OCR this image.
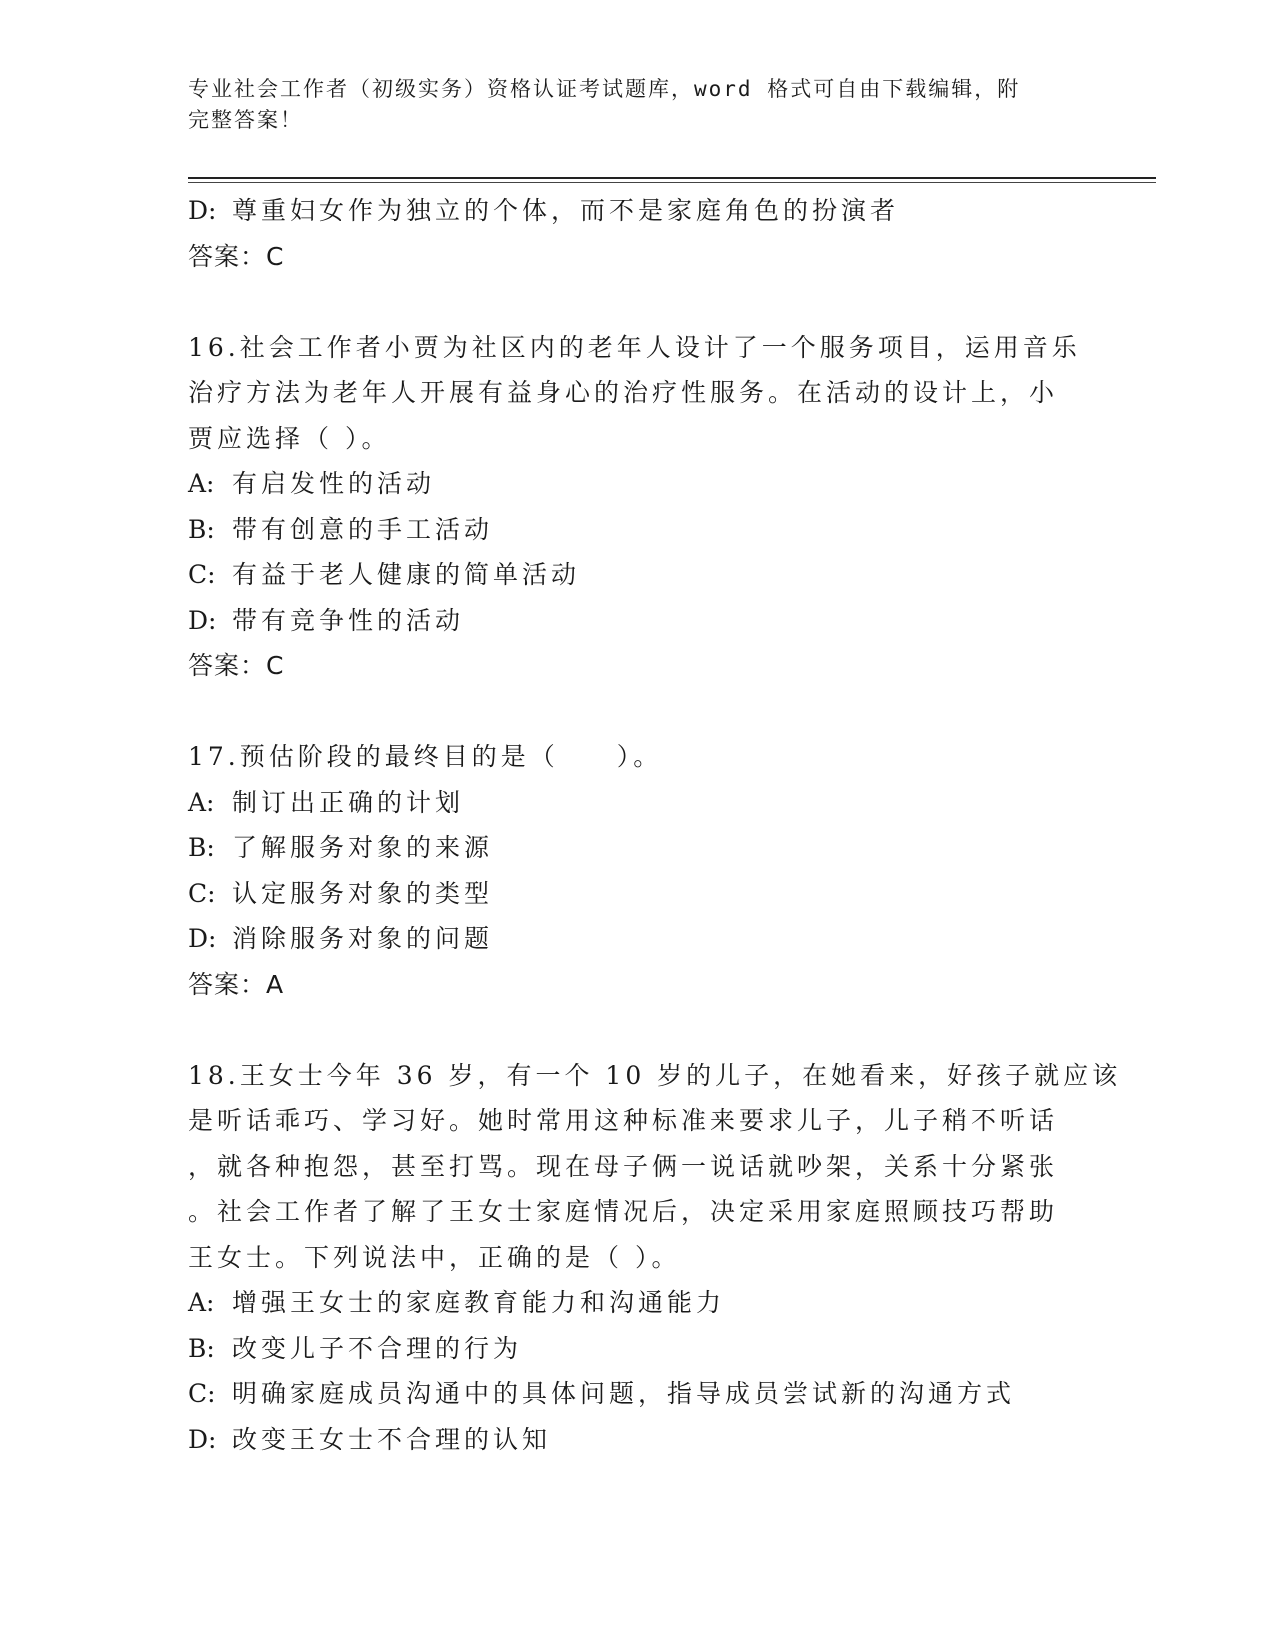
专业社会工作者（初级实务）资格认证考试题库，word 格式可自由下载编辑，附
完整答案！
D: 尊重妇女作为独立的个体，而不是家庭角色的扮演者
答案：C
16.社会工作者小贾为社区内的老年人设计了一个服务项目，运用音乐
治疗方法为老年人开展有益身心的治疗性服务。在活动的设计上，小
贾应选择（ ）。
A: 有启发性的活动
B: 带有创意的手工活动
C: 有益于老人健康的简单活动
D: 带有竞争性的活动
答案：C
17.预估阶段的最终目的是（　　）。
A: 制订出正确的计划
B: 了解服务对象的来源
C: 认定服务对象的类型
D: 消除服务对象的问题
答案：A
18.王女士今年 36 岁，有一个 10 岁的儿子，在她看来，好孩子就应该
是听话乖巧、学习好。她时常用这种标准来要求儿子，儿子稍不听话
，就各种抱怨，甚至打骂。现在母子俩一说话就吵架，关系十分紧张
。社会工作者了解了王女士家庭情况后，决定采用家庭照顾技巧帮助
王女士。下列说法中，正确的是（ ）。
A: 增强王女士的家庭教育能力和沟通能力
B: 改变儿子不合理的行为
C: 明确家庭成员沟通中的具体问题，指导成员尝试新的沟通方式
D: 改变王女士不合理的认知
